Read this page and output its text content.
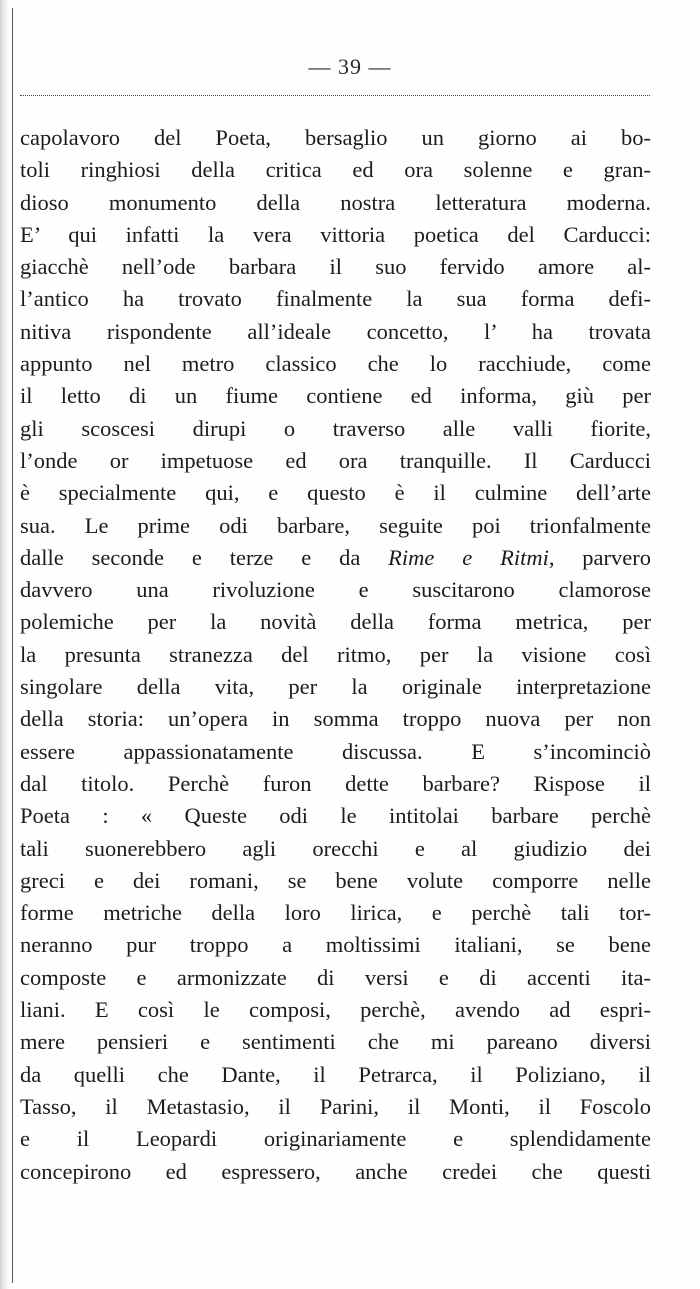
— 39 —
capolavoro del Poeta, bersaglio un giorno ai bo-
toli ringhiosi della critica ed ora solenne e gran-
dioso monumento della nostra letteratura moderna.
E’ qui infatti la vera vittoria poetica del Carducci:
giacchè nell’ode barbara il suo fervido amore al-
l’antico ha trovato finalmente la sua forma defi-
nitiva rispondente all’ideale concetto, l’ ha trovata
appunto nel metro classico che lo racchiude, come
il letto di un fiume contiene ed informa, giù per
gli scoscesi dirupi o traverso alle valli fiorite,
l’onde or impetuose ed ora tranquille. Il Carducci
è specialmente qui, e questo è il culmine dell’arte
sua. Le prime odi barbare, seguite poi trionfalmente
dalle seconde e terze e da Rime e Ritmi, parvero
davvero una rivoluzione e suscitarono clamorose
polemiche per la novità della forma metrica, per
la presunta stranezza del ritmo, per la visione così
singolare della vita, per la originale interpretazione
della storia: un’opera in somma troppo nuova per non
essere appassionatamente discussa. E s’incominciò
dal titolo. Perchè furon dette barbare? Rispose il
Poeta : « Queste odi le intitolai barbare perchè
tali suonerebbero agli orecchi e al giudizio dei
greci e dei romani, se bene volute comporre nelle
forme metriche della loro lirica, e perchè tali tor-
neranno pur troppo a moltissimi italiani, se bene
composte e armonizzate di versi e di accenti ita-
liani. E così le composi, perchè, avendo ad espri-
mere pensieri e sentimenti che mi pareano diversi
da quelli che Dante, il Petrarca, il Poliziano, il
Tasso, il Metastasio, il Parini, il Monti, il Foscolo
e il Leopardi originariamente e splendidamente
concepirono ed espressero, anche credei che questi
